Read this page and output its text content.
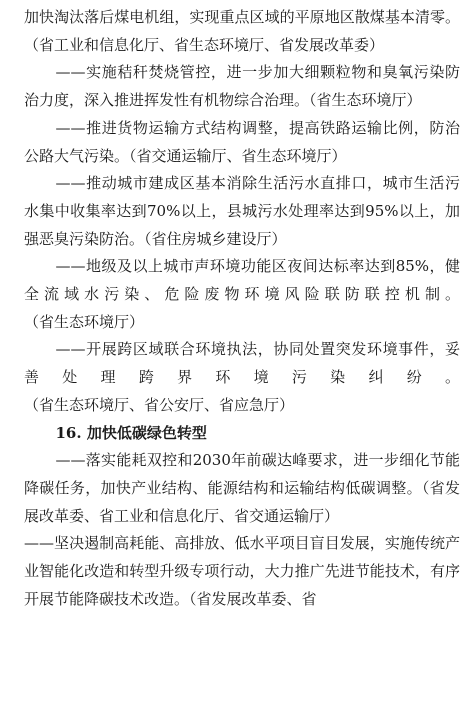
加快淘汰落后煤电机组，实现重点区域的平原地区散煤基本清零。（省工业和信息化厅、省生态环境厅、省发展改革委）

——实施秸秆焚烧管控，进一步加大细颗粒物和臭氧污染防治力度，深入推进挥发性有机物综合治理。（省生态环境厅）

——推进货物运输方式结构调整，提高铁路运输比例，防治公路大气污染。（省交通运输厅、省生态环境厅）

——推动城市建成区基本消除生活污水直排口，城市生活污水集中收集率达到70%以上，县城污水处理率达到95%以上，加强恶臭污染防治。（省住房城乡建设厅）

——地级及以上城市声环境功能区夜间达标率达到85%，健全流域水污染、危险废物环境风险联防联控机制。（省生态环境厅）

——开展跨区域联合环境执法，协同处置突发环境事件，妥善处理跨界环境污染纠纷。（省生态环境厅、省公安厅、省应急厅）

16. 加快低碳绿色转型

——落实能耗双控和2030年前碳达峰要求，进一步细化节能降碳任务，加快产业结构、能源结构和运输结构低碳调整。（省发展改革委、省工业和信息化厅、省交通运输厅）

——坚决遏制高耗能、高排放、低水平项目盲目发展，实施传统产业智能化改造和转型升级专项行动，大力推广先进节能技术，有序开展节能降碳技术改造。（省发展改革委、省
